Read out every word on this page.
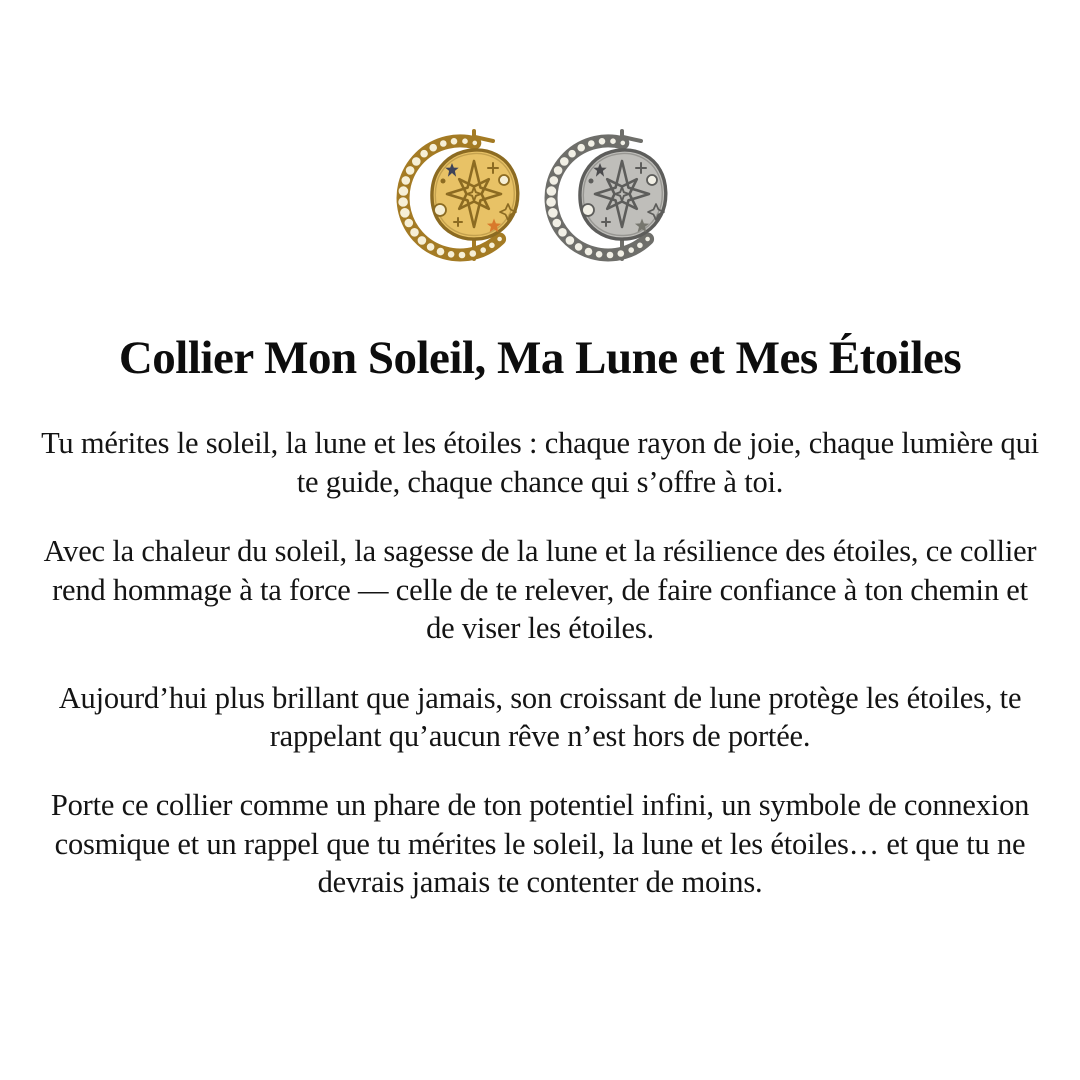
Collier Mon Soleil, Ma Lune et Mes Étoiles

Tu mérites le soleil, la lune et les étoiles : chaque rayon de joie, chaque lumière qui te guide, chaque chance qui s’offre à toi.

Avec la chaleur du soleil, la sagesse de la lune et la résilience des étoiles, ce collier rend hommage à ta force — celle de te relever, de faire confiance à ton chemin et de viser les étoiles.

Aujourd’hui plus brillant que jamais, son croissant de lune protège les étoiles, te rappelant qu’aucun rêve n’est hors de portée.

Porte ce collier comme un phare de ton potentiel infini, un symbole de connexion cosmique et un rappel que tu mérites le soleil, la lune et les étoiles… et que tu ne devrais jamais te contenter de moins.
